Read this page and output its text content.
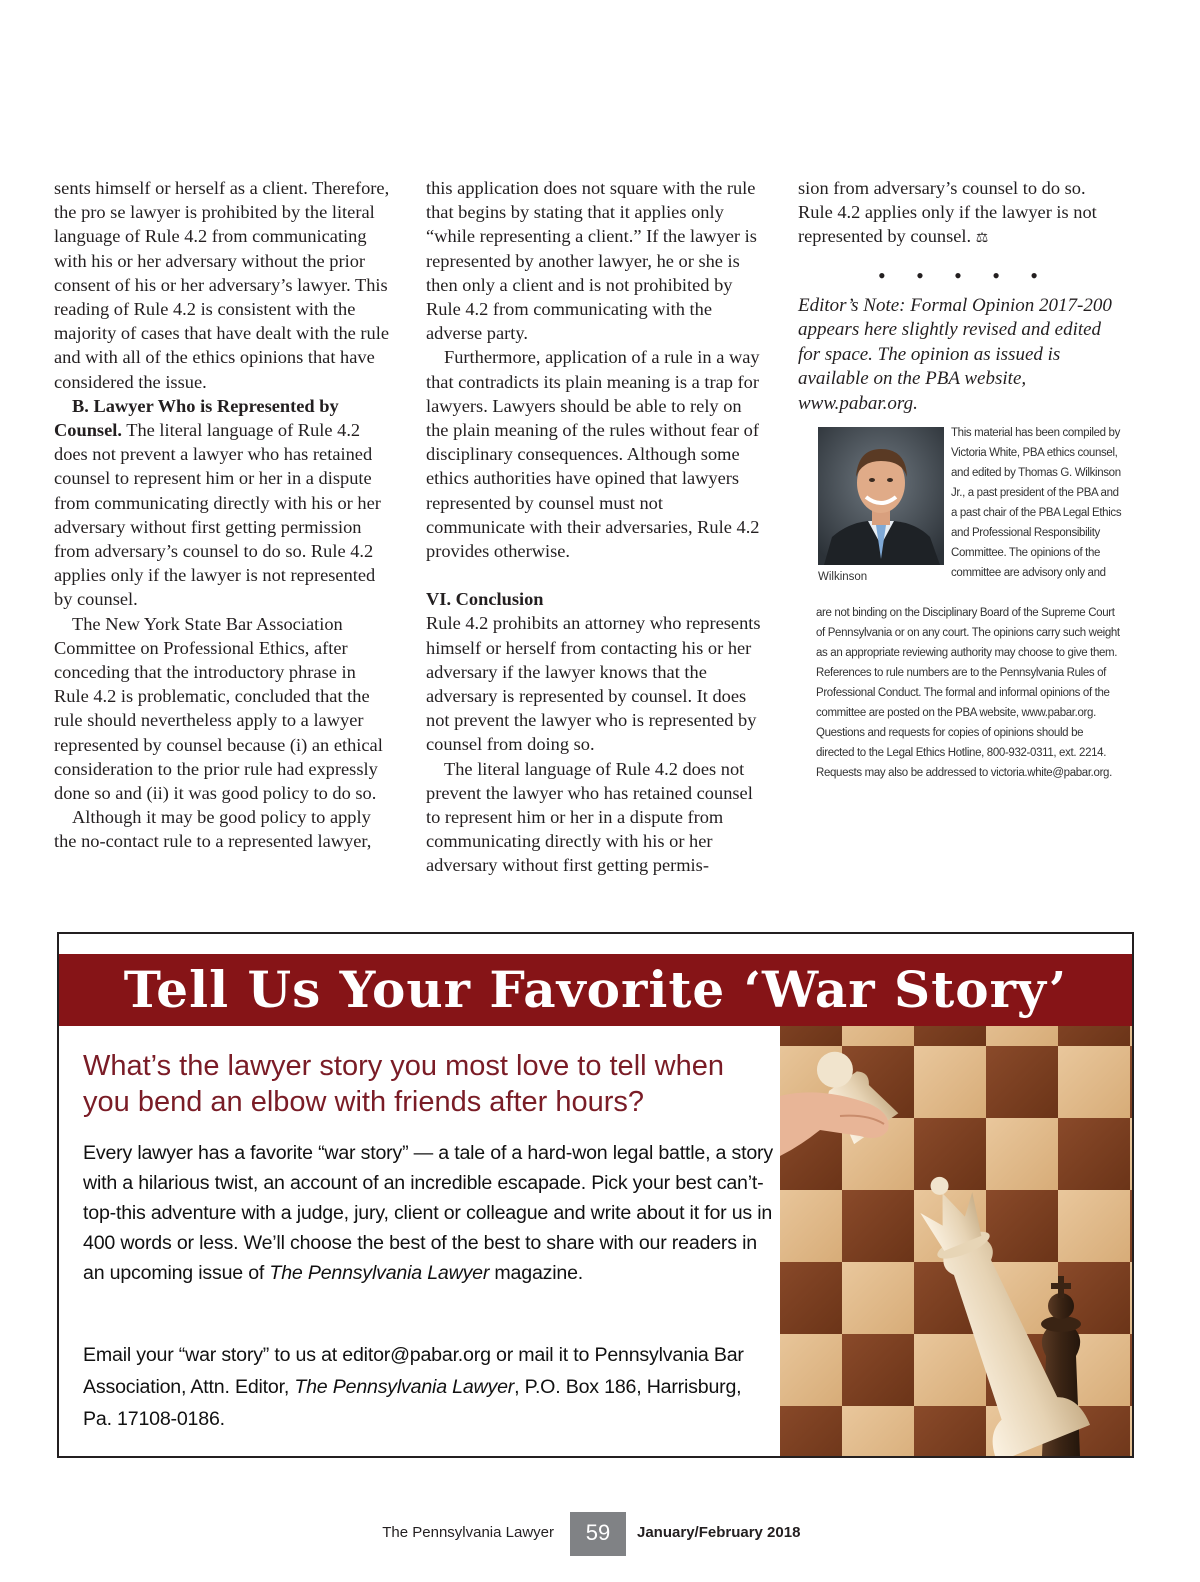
sents himself or herself as a client. Therefore, the pro se lawyer is prohibited by the literal language of Rule 4.2 from communicating with his or her adversary without the prior consent of his or her adversary’s lawyer. This reading of Rule 4.2 is consistent with the majority of cases that have dealt with the rule and with all of the ethics opinions that have considered the issue.

B. Lawyer Who is Represented by Counsel. The literal language of Rule 4.2 does not prevent a lawyer who has retained counsel to represent him or her in a dispute from communicating directly with his or her adversary without first getting permission from adversary’s counsel to do so. Rule 4.2 applies only if the lawyer is not represented by counsel.

The New York State Bar Association Committee on Professional Ethics, after conceding that the introductory phrase in Rule 4.2 is problematic, concluded that the rule should nevertheless apply to a lawyer represented by counsel because (i) an ethical consideration to the prior rule had expressly done so and (ii) it was good policy to do so.

Although it may be good policy to apply the no-contact rule to a represented lawyer,

this application does not square with the rule that begins by stating that it applies only “while representing a client.” If the lawyer is represented by another lawyer, he or she is then only a client and is not prohibited by Rule 4.2 from communicating with the adverse party.

Furthermore, application of a rule in a way that contradicts its plain meaning is a trap for lawyers. Lawyers should be able to rely on the plain meaning of the rules without fear of disciplinary consequences. Although some ethics authorities have opined that lawyers represented by counsel must not communicate with their adversaries, Rule 4.2 provides otherwise.

VI. Conclusion

Rule 4.2 prohibits an attorney who represents himself or herself from contacting his or her adversary if the lawyer knows that the adversary is represented by counsel. It does not prevent the lawyer who is represented by counsel from doing so.

The literal language of Rule 4.2 does not prevent the lawyer who has retained counsel to represent him or her in a dispute from communicating directly with his or her adversary without first getting permis-

sion from adversary’s counsel to do so. Rule 4.2 applies only if the lawyer is not represented by counsel. ⚖

• • • • •

Editor’s Note: Formal Opinion 2017-200 appears here slightly revised and edited for space. The opinion as issued is available on the PBA website, www.pabar.org.

Wilkinson
This material has been compiled by Victoria White, PBA ethics counsel, and edited by Thomas G. Wilkinson Jr., a past president of the PBA and a past chair of the PBA Legal Ethics and Professional Responsibility Committee. The opinions of the committee are advisory only and
are not binding on the Disciplinary Board of the Supreme Court of Pennsylvania or on any court. The opinions carry such weight as an appropriate reviewing authority may choose to give them. References to rule numbers are to the Pennsylvania Rules of Professional Conduct. The formal and informal opinions of the committee are posted on the PBA website, www.pabar.org. Questions and requests for copies of opinions should be directed to the Legal Ethics Hotline, 800-932-0311, ext. 2214. Requests may also be addressed to victoria.white@pabar.org.
Tell Us Your Favorite ‘War Story’

What’s the lawyer story you most love to tell when you bend an elbow with friends after hours?

Every lawyer has a favorite “war story” — a tale of a hard-won legal battle, a story with a hilarious twist, an account of an incredible escapade. Pick your best can’t-top-this adventure with a judge, jury, client or colleague and write about it for us in 400 words or less. We’ll choose the best of the best to share with our readers in an upcoming issue of The Pennsylvania Lawyer magazine.

Email your “war story” to us at editor@pabar.org or mail it to Pennsylvania Bar Association, Attn. Editor, The Pennsylvania Lawyer, P.O. Box 186, Harrisburg, Pa. 17108-0186.

The Pennsylvania Lawyer	59	January/February 2018
